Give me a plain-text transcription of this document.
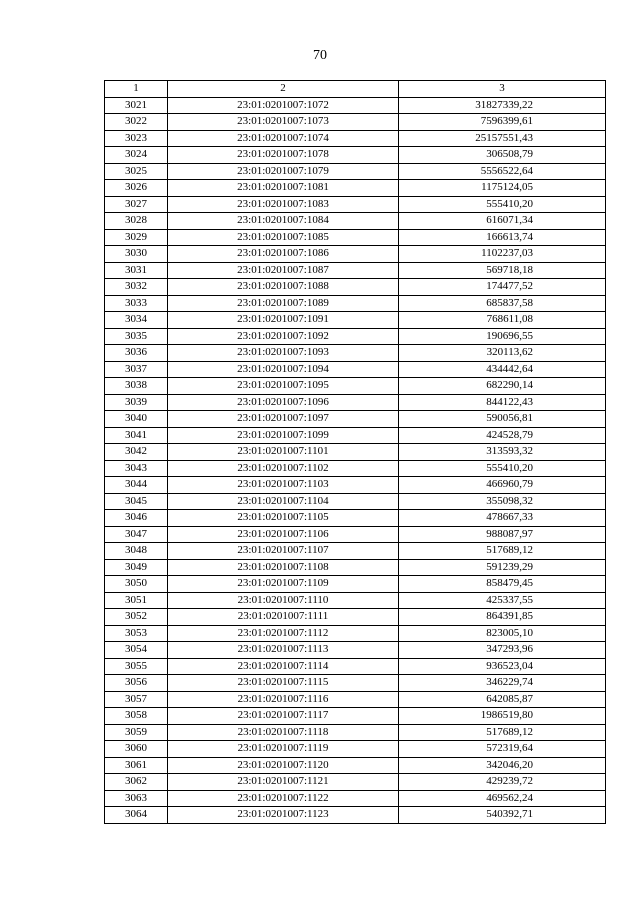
70
1	2	3
3021	23:01:0201007:1072	31827339,22
3022	23:01:0201007:1073	7596399,61
3023	23:01:0201007:1074	25157551,43
3024	23:01:0201007:1078	306508,79
3025	23:01:0201007:1079	5556522,64
3026	23:01:0201007:1081	1175124,05
3027	23:01:0201007:1083	555410,20
3028	23:01:0201007:1084	616071,34
3029	23:01:0201007:1085	166613,74
3030	23:01:0201007:1086	1102237,03
3031	23:01:0201007:1087	569718,18
3032	23:01:0201007:1088	174477,52
3033	23:01:0201007:1089	685837,58
3034	23:01:0201007:1091	768611,08
3035	23:01:0201007:1092	190696,55
3036	23:01:0201007:1093	320113,62
3037	23:01:0201007:1094	434442,64
3038	23:01:0201007:1095	682290,14
3039	23:01:0201007:1096	844122,43
3040	23:01:0201007:1097	590056,81
3041	23:01:0201007:1099	424528,79
3042	23:01:0201007:1101	313593,32
3043	23:01:0201007:1102	555410,20
3044	23:01:0201007:1103	466960,79
3045	23:01:0201007:1104	355098,32
3046	23:01:0201007:1105	478667,33
3047	23:01:0201007:1106	988087,97
3048	23:01:0201007:1107	517689,12
3049	23:01:0201007:1108	591239,29
3050	23:01:0201007:1109	858479,45
3051	23:01:0201007:1110	425337,55
3052	23:01:0201007:1111	864391,85
3053	23:01:0201007:1112	823005,10
3054	23:01:0201007:1113	347293,96
3055	23:01:0201007:1114	936523,04
3056	23:01:0201007:1115	346229,74
3057	23:01:0201007:1116	642085,87
3058	23:01:0201007:1117	1986519,80
3059	23:01:0201007:1118	517689,12
3060	23:01:0201007:1119	572319,64
3061	23:01:0201007:1120	342046,20
3062	23:01:0201007:1121	429239,72
3063	23:01:0201007:1122	469562,24
3064	23:01:0201007:1123	540392,71
